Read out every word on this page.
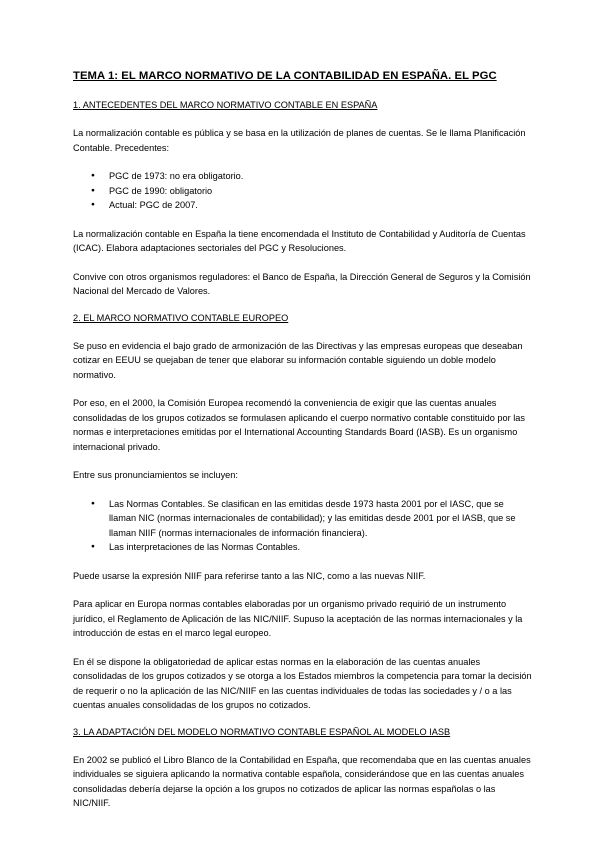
TEMA 1: EL MARCO NORMATIVO DE LA CONTABILIDAD EN ESPAÑA. EL PGC
1. ANTECEDENTES DEL MARCO NORMATIVO CONTABLE EN ESPAÑA

La normalización contable es pública y se basa en la utilización de planes de cuentas. Se le llama Planificación Contable. Precedentes:

● PGC de 1973: no era obligatorio.
● PGC de 1990: obligatorio
● Actual: PGC de 2007.

La normalización contable en España la tiene encomendada el Instituto de Contabilidad y Auditoría de Cuentas (ICAC). Elabora adaptaciones sectoriales del PGC y Resoluciones.

Convive con otros organismos reguladores: el Banco de España, la Dirección General de Seguros y la Comisión Nacional del Mercado de Valores.

2. EL MARCO NORMATIVO CONTABLE EUROPEO

Se puso en evidencia el bajo grado de armonización de las Directivas y las empresas europeas que deseaban cotizar en EEUU se quejaban de tener que elaborar su información contable siguiendo un doble modelo normativo.

Por eso, en el 2000, la Comisión Europea recomendó la conveniencia de exigir que las cuentas anuales consolidadas de los grupos cotizados se formulasen aplicando el cuerpo normativo contable constituido por las normas e interpretaciones emitidas por el International Accounting Standards Board (IASB). Es un organismo internacional privado.

Entre sus pronunciamientos se incluyen:

● Las Normas Contables. Se clasifican en las emitidas desde 1973 hasta 2001 por el IASC, que se llaman NIC (normas internacionales de contabilidad); y las emitidas desde 2001 por el IASB, que se llaman NIIF (normas internacionales de información financiera).
● Las interpretaciones de las Normas Contables.

Puede usarse la expresión NIIF para referirse tanto a las NIC, como a las nuevas NIIF.

Para aplicar en Europa normas contables elaboradas por un organismo privado requirió de un instrumento jurídico, el Reglamento de Aplicación de las NIC/NIIF. Supuso la aceptación de las normas internacionales y la introducción de estas en el marco legal europeo.

En él se dispone la obligatoriedad de aplicar estas normas en la elaboración de las cuentas anuales consolidadas de los grupos cotizados y se otorga a los Estados miembros la competencia para tomar la decisión de requerir o no la aplicación de las NIC/NIIF en las cuentas individuales de todas las sociedades y / o a las cuentas anuales consolidadas de los grupos no cotizados.

3. LA ADAPTACIÓN DEL MODELO NORMATIVO CONTABLE ESPAÑOL AL MODELO IASB

En 2002 se publicó el Libro Blanco de la Contabilidad en España, que recomendaba que en las cuentas anuales individuales se siguiera aplicando la normativa contable española, considerándose que en las cuentas anuales consolidadas debería dejarse la opción a los grupos no cotizados de aplicar las normas españolas o las NIC/NIIF.
